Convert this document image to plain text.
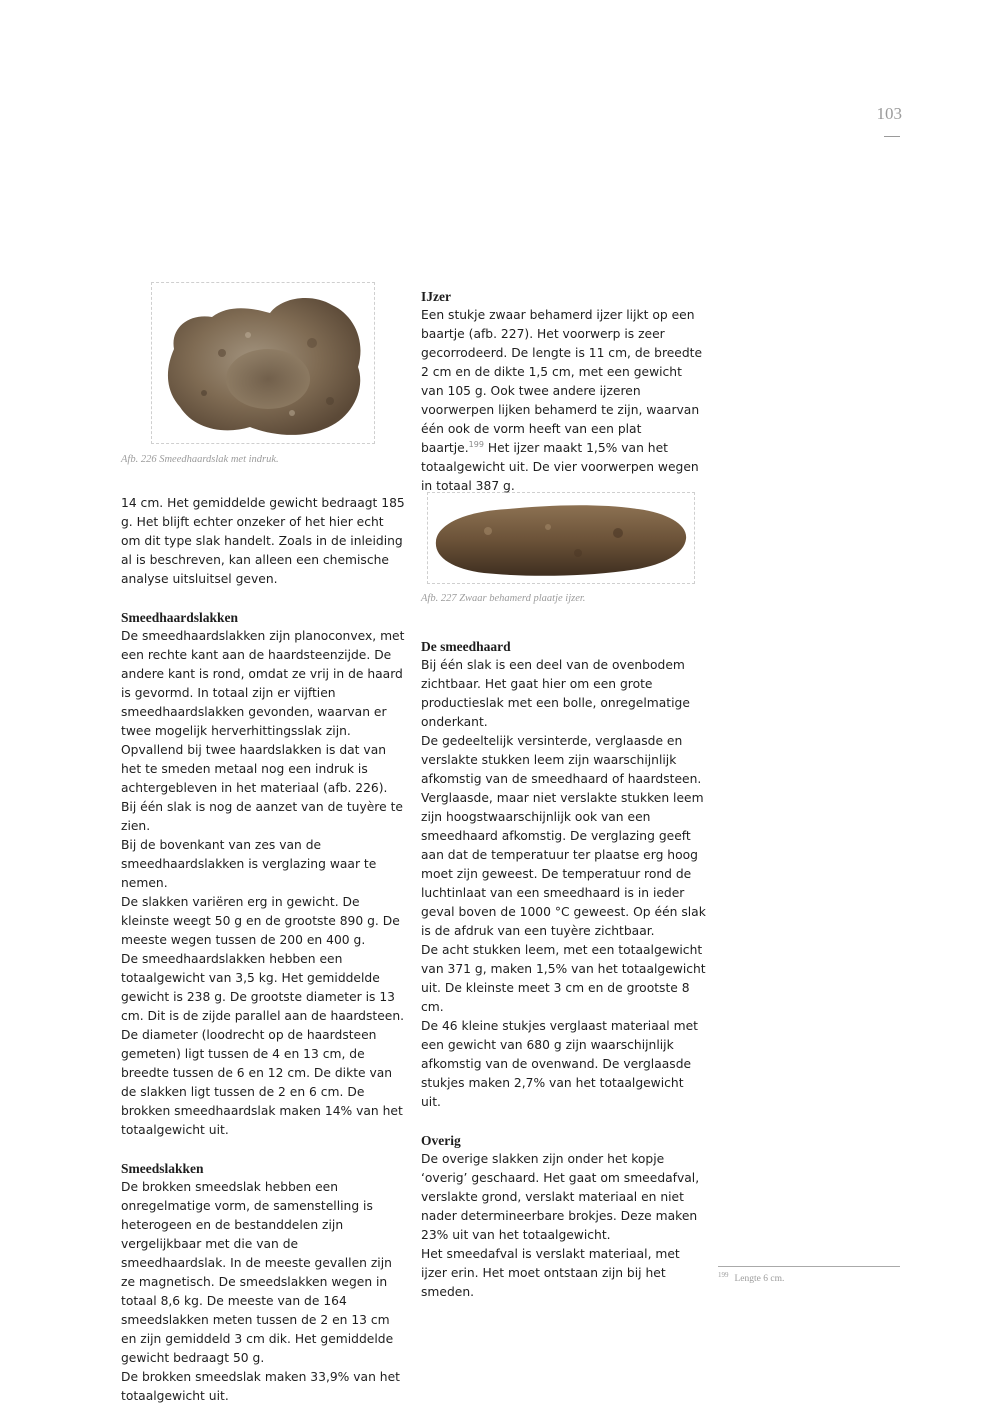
103
Afb. 226 Smeedhaardslak met indruk.
Afb. 227 Zwaar behamerd plaatje ijzer.

14 cm. Het gemiddelde gewicht bedraagt 185 g. Het blijft echter onzeker of het hier echt om dit type slak handelt. Zoals in de inleiding al is beschreven, kan alleen een chemische analyse uitsluitsel geven.

Smeedhaardslakken

De smeedhaardslakken zijn planoconvex, met een rechte kant aan de haardsteenzijde. De andere kant is rond, omdat ze vrij in de haard is gevormd. In totaal zijn er vijftien smeedhaardslakken gevonden, waarvan er twee mogelijk herverhittingsslak zijn. Opvallend bij twee haardslakken is dat van het te smeden metaal nog een indruk is achtergebleven in het materiaal (afb. 226).

Bij één slak is nog de aanzet van de tuyère te zien.

Bij de bovenkant van zes van de smeedhaardslakken is verglazing waar te nemen.

De slakken variëren erg in gewicht. De kleinste weegt 50 g en de grootste 890 g. De meeste wegen tussen de 200 en 400 g.

De smeedhaardslakken hebben een totaalgewicht van 3,5 kg. Het gemiddelde gewicht is 238 g. De grootste diameter is 13 cm. Dit is de zijde parallel aan de haardsteen. De diameter (loodrecht op de haardsteen gemeten) ligt tussen de 4 en 13 cm, de breedte tussen de 6 en 12 cm. De dikte van de slakken ligt tussen de 2 en 6 cm. De brokken smeedhaardslak maken 14% van het totaalgewicht uit.

Smeedslakken

De brokken smeedslak hebben een onregelmatige vorm, de samenstelling is heterogeen en de bestanddelen zijn vergelijkbaar met die van de smeedhaardslak. In de meeste gevallen zijn ze magnetisch. De smeedslakken wegen in totaal 8,6 kg. De meeste van de 164 smeedslakken meten tussen de 2 en 13 cm en zijn gemiddeld 3 cm dik. Het gemiddelde gewicht bedraagt 50 g.

De brokken smeedslak maken 33,9% van het totaalgewicht uit.

IJzer

Een stukje zwaar behamerd ijzer lijkt op een baartje (afb. 227). Het voorwerp is zeer gecorrodeerd. De lengte is 11 cm, de breedte 2 cm en de dikte 1,5 cm, met een gewicht van 105 g. Ook twee andere ijzeren voorwerpen lijken behamerd te zijn, waarvan één ook de vorm heeft van een plat baartje.$^{199}$ Het ijzer maakt 1,5% van het totaalgewicht uit. De vier voorwerpen wegen in totaal 387 g.

De smeedhaard

Bij één slak is een deel van de ovenbodem zichtbaar. Het gaat hier om een grote productieslak met een bolle, onregelmatige onderkant.

De gedeeltelijk versinterde, verglaasde en verslakte stukken leem zijn waarschijnlijk afkomstig van de smeedhaard of haardsteen. Verglaasde, maar niet verslakte stukken leem zijn hoogstwaarschijnlijk ook van een smeedhaard afkomstig. De verglazing geeft aan dat de temperatuur ter plaatse erg hoog moet zijn geweest. De temperatuur rond de luchtinlaat van een smeedhaard is in ieder geval boven de 1000 °C geweest. Op één slak is de afdruk van een tuyère zichtbaar.

De acht stukken leem, met een totaalgewicht van 371 g, maken 1,5% van het totaalgewicht uit. De kleinste meet 3 cm en de grootste 8 cm.

De 46 kleine stukjes verglaast materiaal met een gewicht van 680 g zijn waarschijnlijk afkomstig van de ovenwand. De verglaasde stukjes maken 2,7% van het totaalgewicht uit.

Overig

De overige slakken zijn onder het kopje ‘overig’ geschaard. Het gaat om smeedafval, verslakte grond, verslakt materiaal en niet nader determineerbare brokjes. Deze maken 23% uit van het totaalgewicht.

Het smeedafval is verslakt materiaal, met ijzer erin. Het moet ontstaan zijn bij het smeden.

$^{199}$ Lengte 6 cm.
